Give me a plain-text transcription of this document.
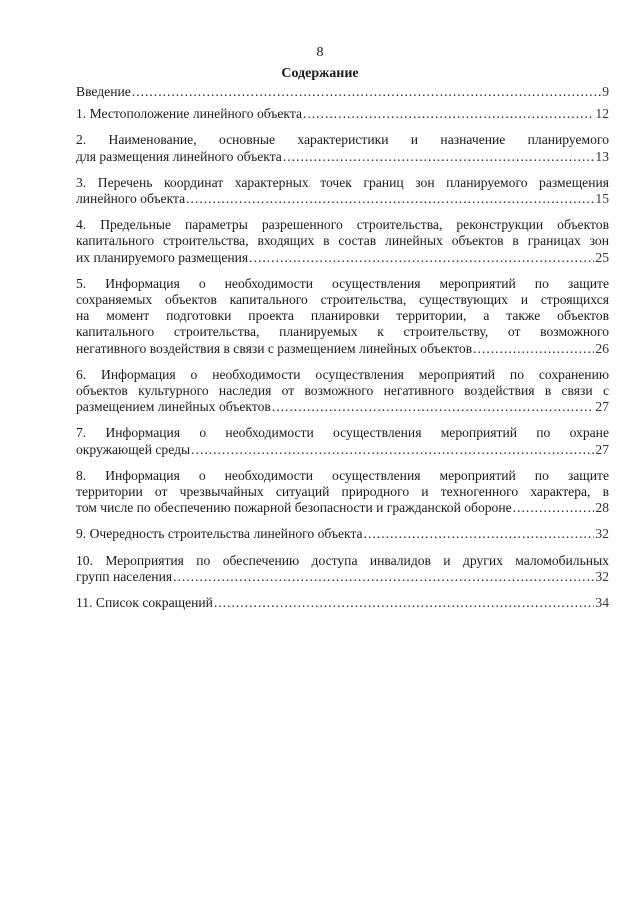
8
Содержание
Введение .....	9
1. Местоположение линейного объекта .....	12
2. Наименование, основные характеристики и назначение планируемого
для размещения линейного объекта .....	13
3. Перечень координат характерных точек границ зон планируемого размещения
линейного объекта .....	15
4. Предельные параметры разрешенного строительства, реконструкции объектов
капитального строительства, входящих в состав линейных объектов в границах зон
их планируемого размещения .....	25
5. Информация о необходимости осуществления мероприятий по защите
сохраняемых объектов капитального строительства, существующих и строящихся
на момент подготовки проекта планировки территории, а также объектов
капитального строительства, планируемых к строительству, от возможного
негативного воздействия в связи с размещением линейных объектов .....	26
6. Информация о необходимости осуществления мероприятий по сохранению
объектов культурного наследия от возможного негативного воздействия в связи с
размещением линейных объектов .....	27
7. Информация о необходимости осуществления мероприятий по охране
окружающей среды .....	27
8. Информация о необходимости осуществления мероприятий по защите
территории от чрезвычайных ситуаций природного и техногенного характера, в
том числе по обеспечению пожарной безопасности и гражданской обороне .....	28
9. Очередность строительства линейного объекта .....	32
10. Мероприятия по обеспечению доступа инвалидов и других маломобильных
групп населения .....	32
11. Список сокращений .....	34
